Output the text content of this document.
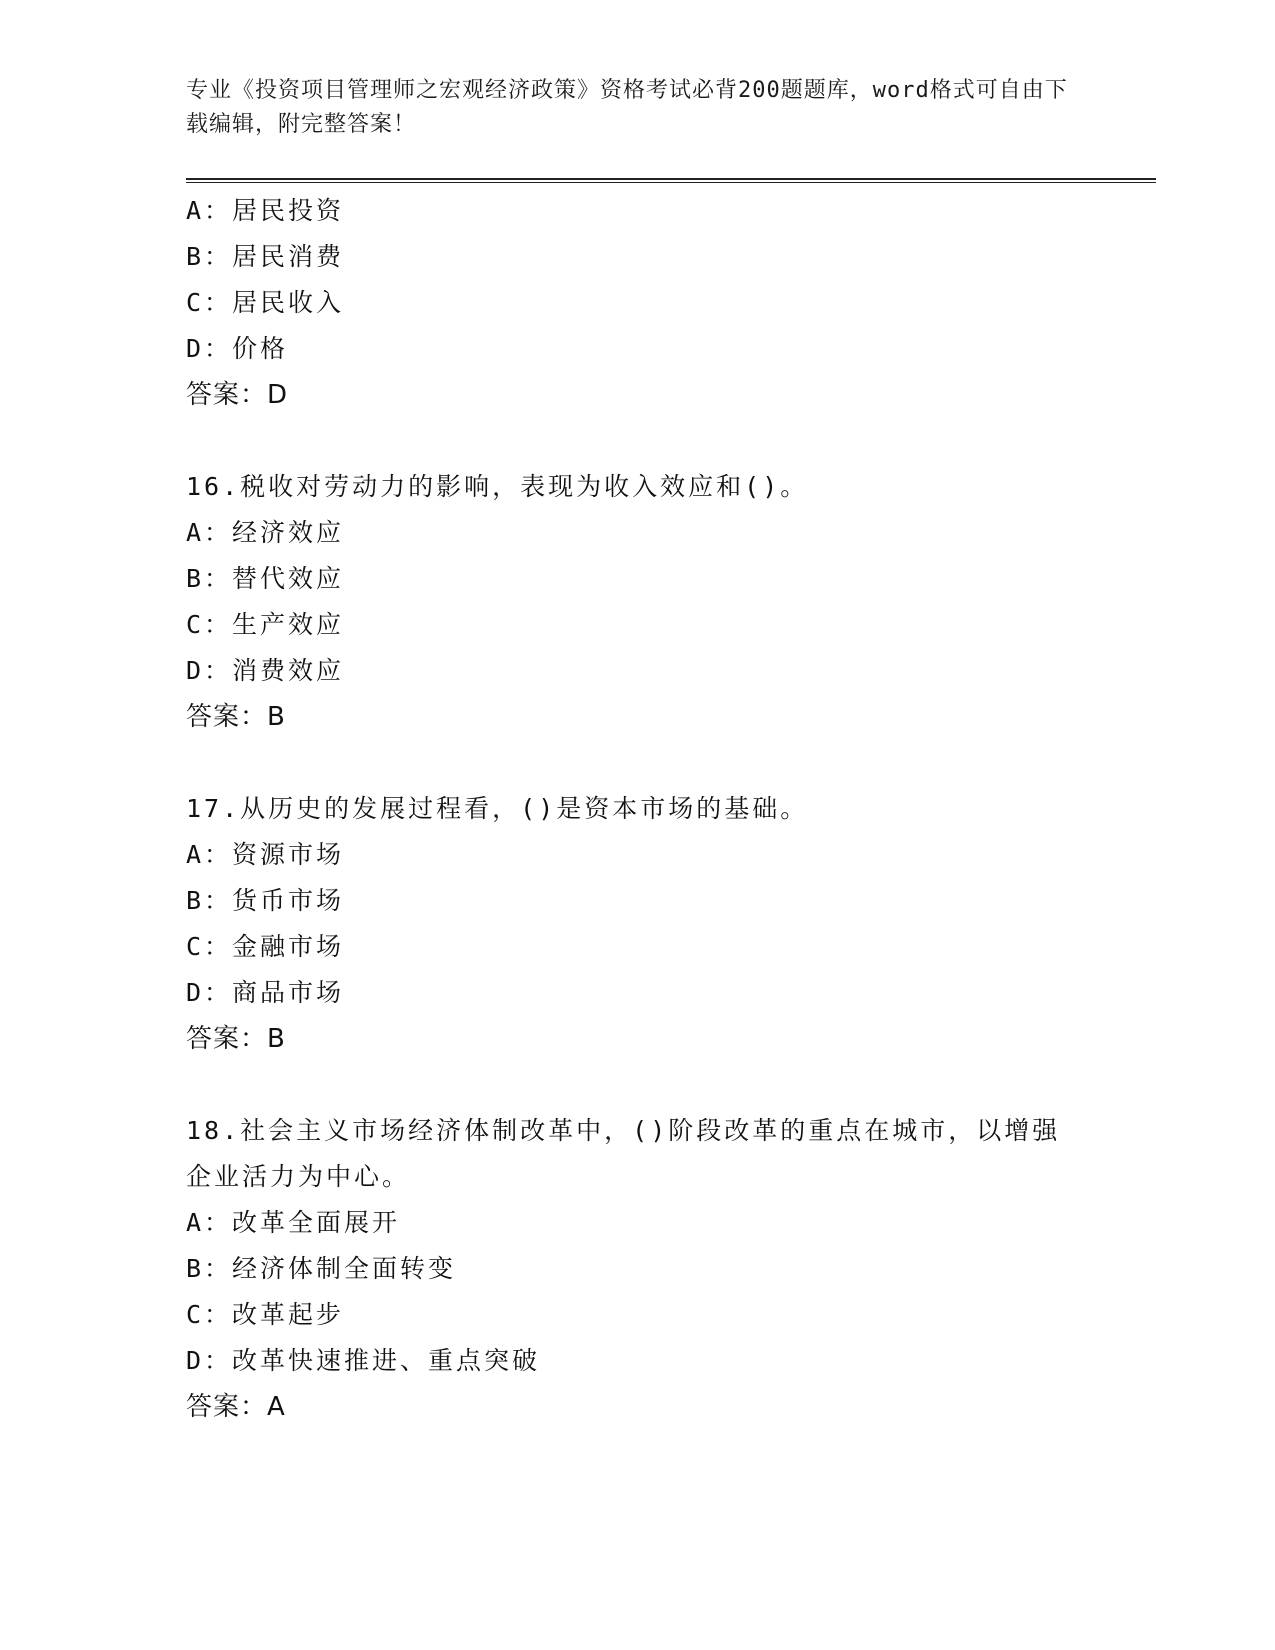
专业《投资项目管理师之宏观经济政策》资格考试必背200题题库，word格式可自由下载编辑，附完整答案！
A：居民投资
B：居民消费
C：居民收入
D：价格
答案：D
16.税收对劳动力的影响，表现为收入效应和()。
A：经济效应
B：替代效应
C：生产效应
D：消费效应
答案：B
17.从历史的发展过程看，()是资本市场的基础。
A：资源市场
B：货币市场
C：金融市场
D：商品市场
答案：B
18.社会主义市场经济体制改革中，()阶段改革的重点在城市，以增强企业活力为中心。
A：改革全面展开
B：经济体制全面转变
C：改革起步
D：改革快速推进、重点突破
答案：A
